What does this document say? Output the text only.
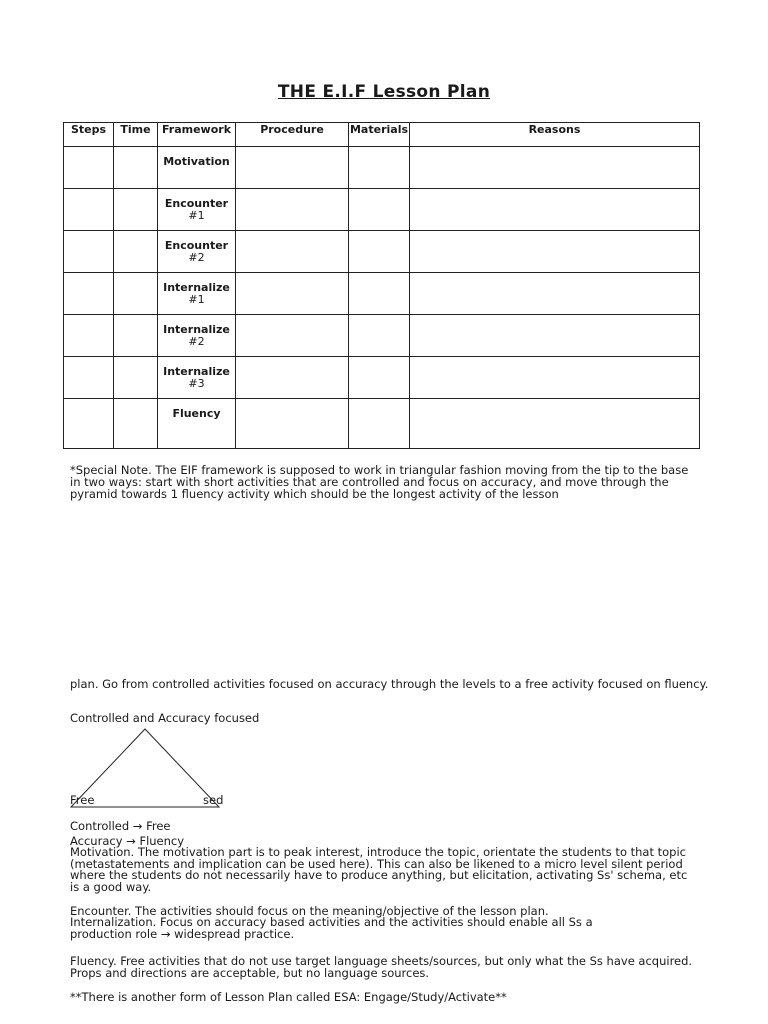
THE E.I.F Lesson Plan
Steps	Time	Framework	Procedure	Materials	Reasons
		Motivation			
		Encounter
#1			
		Encounter
#2			
		Internalize #1			
		Internalize #2			
		Internalize #3			
		Fluency			
*Special Note. The EIF framework is supposed to work in triangular fashion moving from the tip to the base in two ways: start with short activities that are controlled and focus on accuracy, and move through the pyramid towards 1 fluency activity which should be the longest activity of the lesson
plan. Go from controlled activities focused on accuracy through the levels to a free activity focused on fluency.
Controlled and Accuracy focused
Free	sed
Controlled → Free
Accuracy → Fluency
Motivation. The motivation part is to peak interest, introduce the topic, orientate the students to that topic (metastatements and implication can be used here). This can also be likened to a micro level silent period where the students do not necessarily have to produce anything, but elicitation, activating Ss' schema, etc is a good way.
Encounter. The activities should focus on the meaning/objective of the lesson plan.
Internalization. Focus on accuracy based activities and the activities should enable all Ss a production role → widespread practice.
Fluency. Free activities that do not use target language sheets/sources, but only what the Ss have acquired. Props and directions are acceptable, but no language sources.
**There is another form of Lesson Plan called ESA: Engage/Study/Activate**
